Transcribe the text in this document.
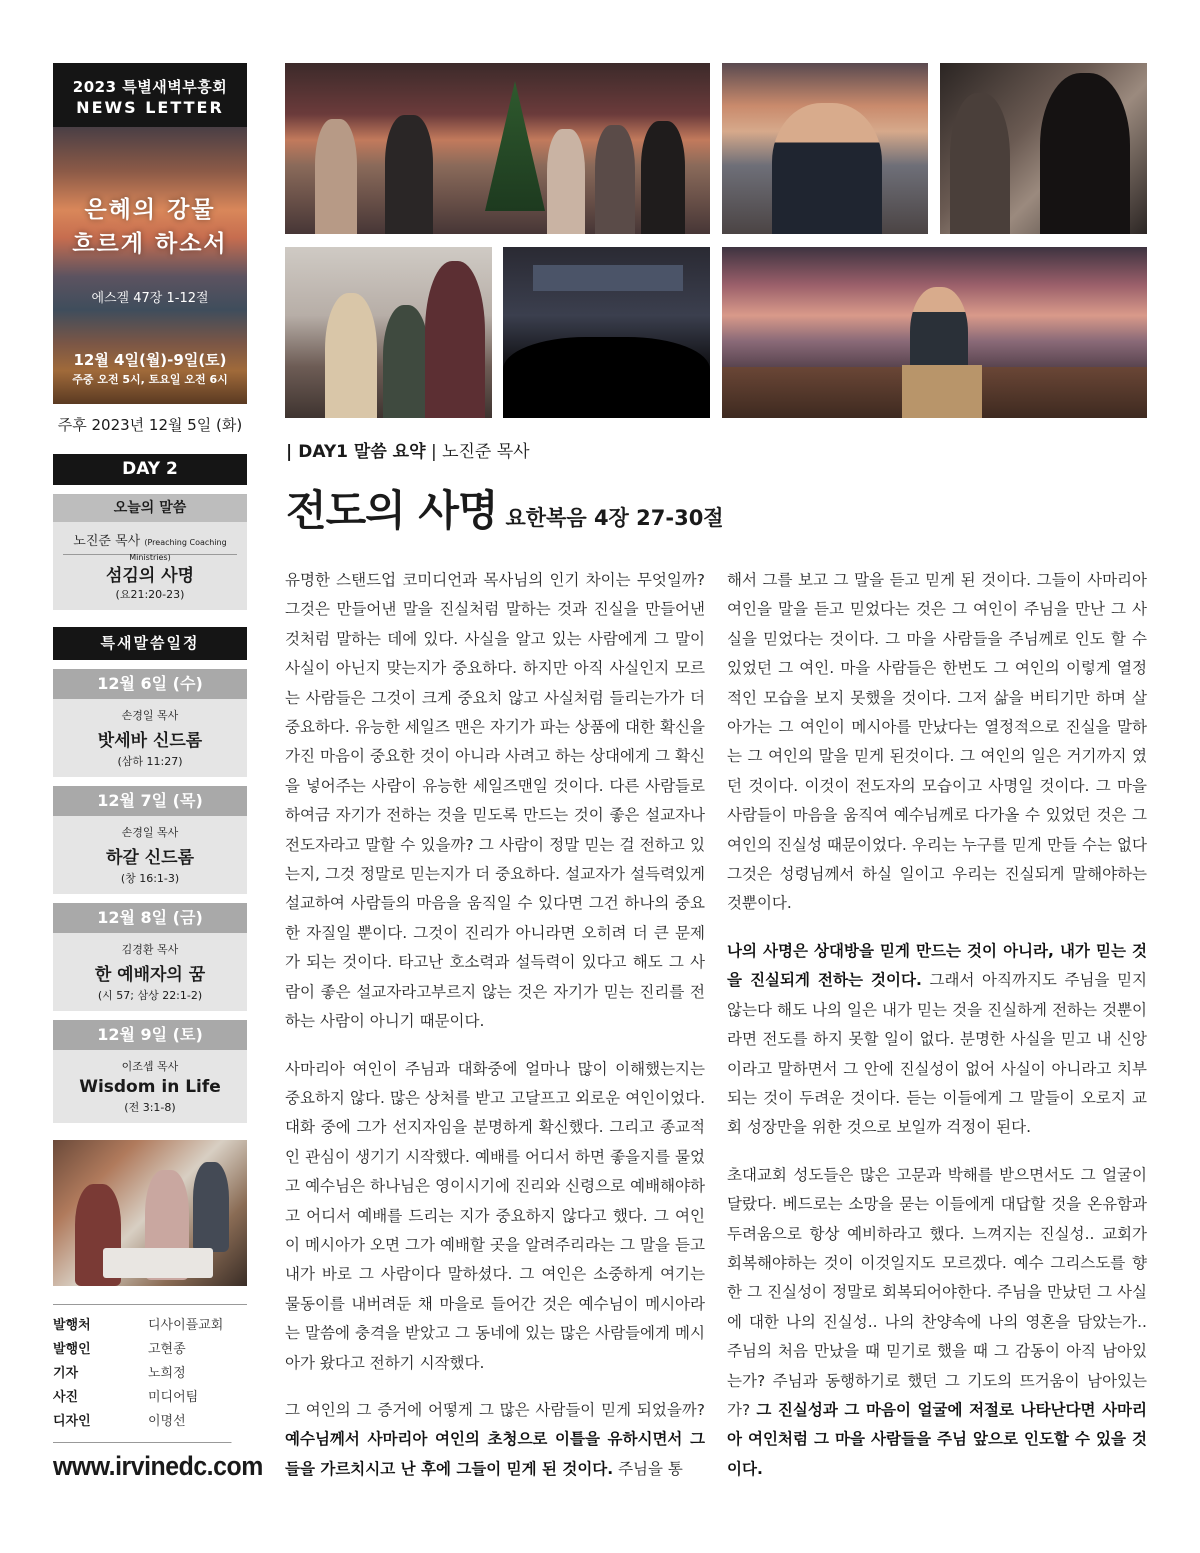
2023 특별새벽부흥회
NEWS LETTER
은혜의 강물
흐르게 하소서
에스겔 47장 1-12절
12월 4일(월)-9일(토)
주중 오전 5시, 토요일 오전 6시
주후 2023년 12월 5일 (화)
DAY 2
오늘의 말씀
노진준 목사 (Preaching Coaching Ministries)
섬김의 사명
(요21:20-23)
특새말씀일정
12월 6일 (수)
손경일 목사
밧세바 신드롬
(삼하 11:27)
12월 7일 (목)
손경일 목사
하갈 신드롬
(창 16:1-3)
12월 8일 (금)
김경환 목사
한 예배자의 꿈
(시 57; 삼상 22:1-2)
12월 9일 (토)
이조셉 목사
Wisdom in Life
(전 3:1-8)
발행처	디사이플교회
발행인	고현종
기자	노희정
사진	미디어팀
디자인	이명선
www.irvinedc.com
| DAY1 말씀 요약 | 노진준 목사
전도의 사명 요한복음 4장 27-30절

유명한 스탠드업 코미디언과 목사님의 인기 차이는 무엇일까? 그것은 만들어낸 말을 진실처럼 말하는 것과 진실을 만들어낸 것처럼 말하는 데에 있다. 사실을 알고 있는 사람에게 그 말이 사실이 아닌지 맞는지가 중요하다. 하지만 아직 사실인지 모르는 사람들은 그것이 크게 중요치 않고 사실처럼 들리는가가 더 중요하다. 유능한 세일즈 맨은 자기가 파는 상품에 대한 확신을 가진 마음이 중요한 것이 아니라 사려고 하는 상대에게 그 확신을 넣어주는 사람이 유능한 세일즈맨일 것이다. 다른 사람들로 하여금 자기가 전하는 것을 믿도록 만드는 것이 좋은 설교자나 전도자라고 말할 수 있을까? 그 사람이 정말 믿는 걸 전하고 있는지, 그것 정말로 믿는지가 더 중요하다. 설교자가 설득력있게 설교하여 사람들의 마음을 움직일 수 있다면 그건 하나의 중요한 자질일 뿐이다. 그것이 진리가 아니라면 오히려 더 큰 문제가 되는 것이다. 타고난 호소력과 설득력이 있다고 해도 그 사람이 좋은 설교자라고부르지 않는 것은 자기가 믿는 진리를 전하는 사람이 아니기 때문이다.

사마리아 여인이 주님과 대화중에 얼마나 많이 이해했는지는 중요하지 않다. 많은 상처를 받고 고달프고 외로운 여인이었다. 대화 중에 그가 선지자임을 분명하게 확신했다. 그리고 종교적인 관심이 생기기 시작했다. 예배를 어디서 하면 좋을지를 물었고 예수님은 하나님은 영이시기에 진리와 신령으로 예배해야하고 어디서 예배를 드리는 지가 중요하지 않다고 했다. 그 여인이 메시아가 오면 그가 예배할 곳을 알려주리라는 그 말을 듣고 내가 바로 그 사람이다 말하셨다. 그 여인은 소중하게 여기는 물동이를 내버려둔 채 마을로 들어간 것은 예수님이 메시아라는 말씀에 충격을 받았고 그 동네에 있는 많은 사람들에게 메시아가 왔다고 전하기 시작했다.

그 여인의 그 증거에 어떻게 그 많은 사람들이 믿게 되었을까? 예수님께서 사마리아 여인의 초청으로 이틀을 유하시면서 그들을 가르치시고 난 후에 그들이 믿게 된 것이다. 주님을 통

해서 그를 보고 그 말을 듣고 믿게 된 것이다. 그들이 사마리아 여인을 말을 듣고 믿었다는 것은 그 여인이 주님을 만난 그 사실을 믿었다는 것이다. 그 마을 사람들을 주님께로 인도 할 수 있었던 그 여인. 마을 사람들은 한번도 그 여인의 이렇게 열정적인 모습을 보지 못했을 것이다. 그저 삶을 버티기만 하며 살아가는 그 여인이 메시아를 만났다는 열정적으로 진실을 말하는 그 여인의 말을 믿게 된것이다. 그 여인의 일은 거기까지 였던 것이다. 이것이 전도자의 모습이고 사명일 것이다. 그 마을 사람들이 마음을 움직여 예수님께로 다가올 수 있었던 것은 그 여인의 진실성 때문이었다. 우리는 누구를 믿게 만들 수는 없다 그것은 성령님께서 하실 일이고 우리는 진실되게 말해야하는 것뿐이다.

나의 사명은 상대방을 믿게 만드는 것이 아니라, 내가 믿는 것을 진실되게 전하는 것이다. 그래서 아직까지도 주님을 믿지 않는다 해도 나의 일은 내가 믿는 것을 진실하게 전하는 것뿐이라면 전도를 하지 못할 일이 없다. 분명한 사실을 믿고 내 신앙이라고 말하면서 그 안에 진실성이 없어 사실이 아니라고 치부되는 것이 두려운 것이다. 듣는 이들에게 그 말들이 오로지 교회 성장만을 위한 것으로 보일까 걱정이 된다.

초대교회 성도들은 많은 고문과 박해를 받으면서도 그 얼굴이 달랐다. 베드로는 소망을 묻는 이들에게 대답할 것을 온유함과 두려움으로 항상 예비하라고 했다. 느껴지는 진실성.. 교회가 회복해야하는 것이 이것일지도 모르겠다. 예수 그리스도를 향한 그 진실성이 정말로 회복되어야한다. 주님을 만났던 그 사실에 대한 나의 진실성.. 나의 찬양속에 나의 영혼을 담았는가.. 주님의 처음 만났을 때 믿기로 했을 때 그 감동이 아직 남아있는가? 주님과 동행하기로 했던 그 기도의 뜨거움이 남아있는가? 그 진실성과 그 마음이 얼굴에 저절로 나타난다면 사마리아 여인처럼 그 마을 사람들을 주님 앞으로 인도할 수 있을 것이다.
